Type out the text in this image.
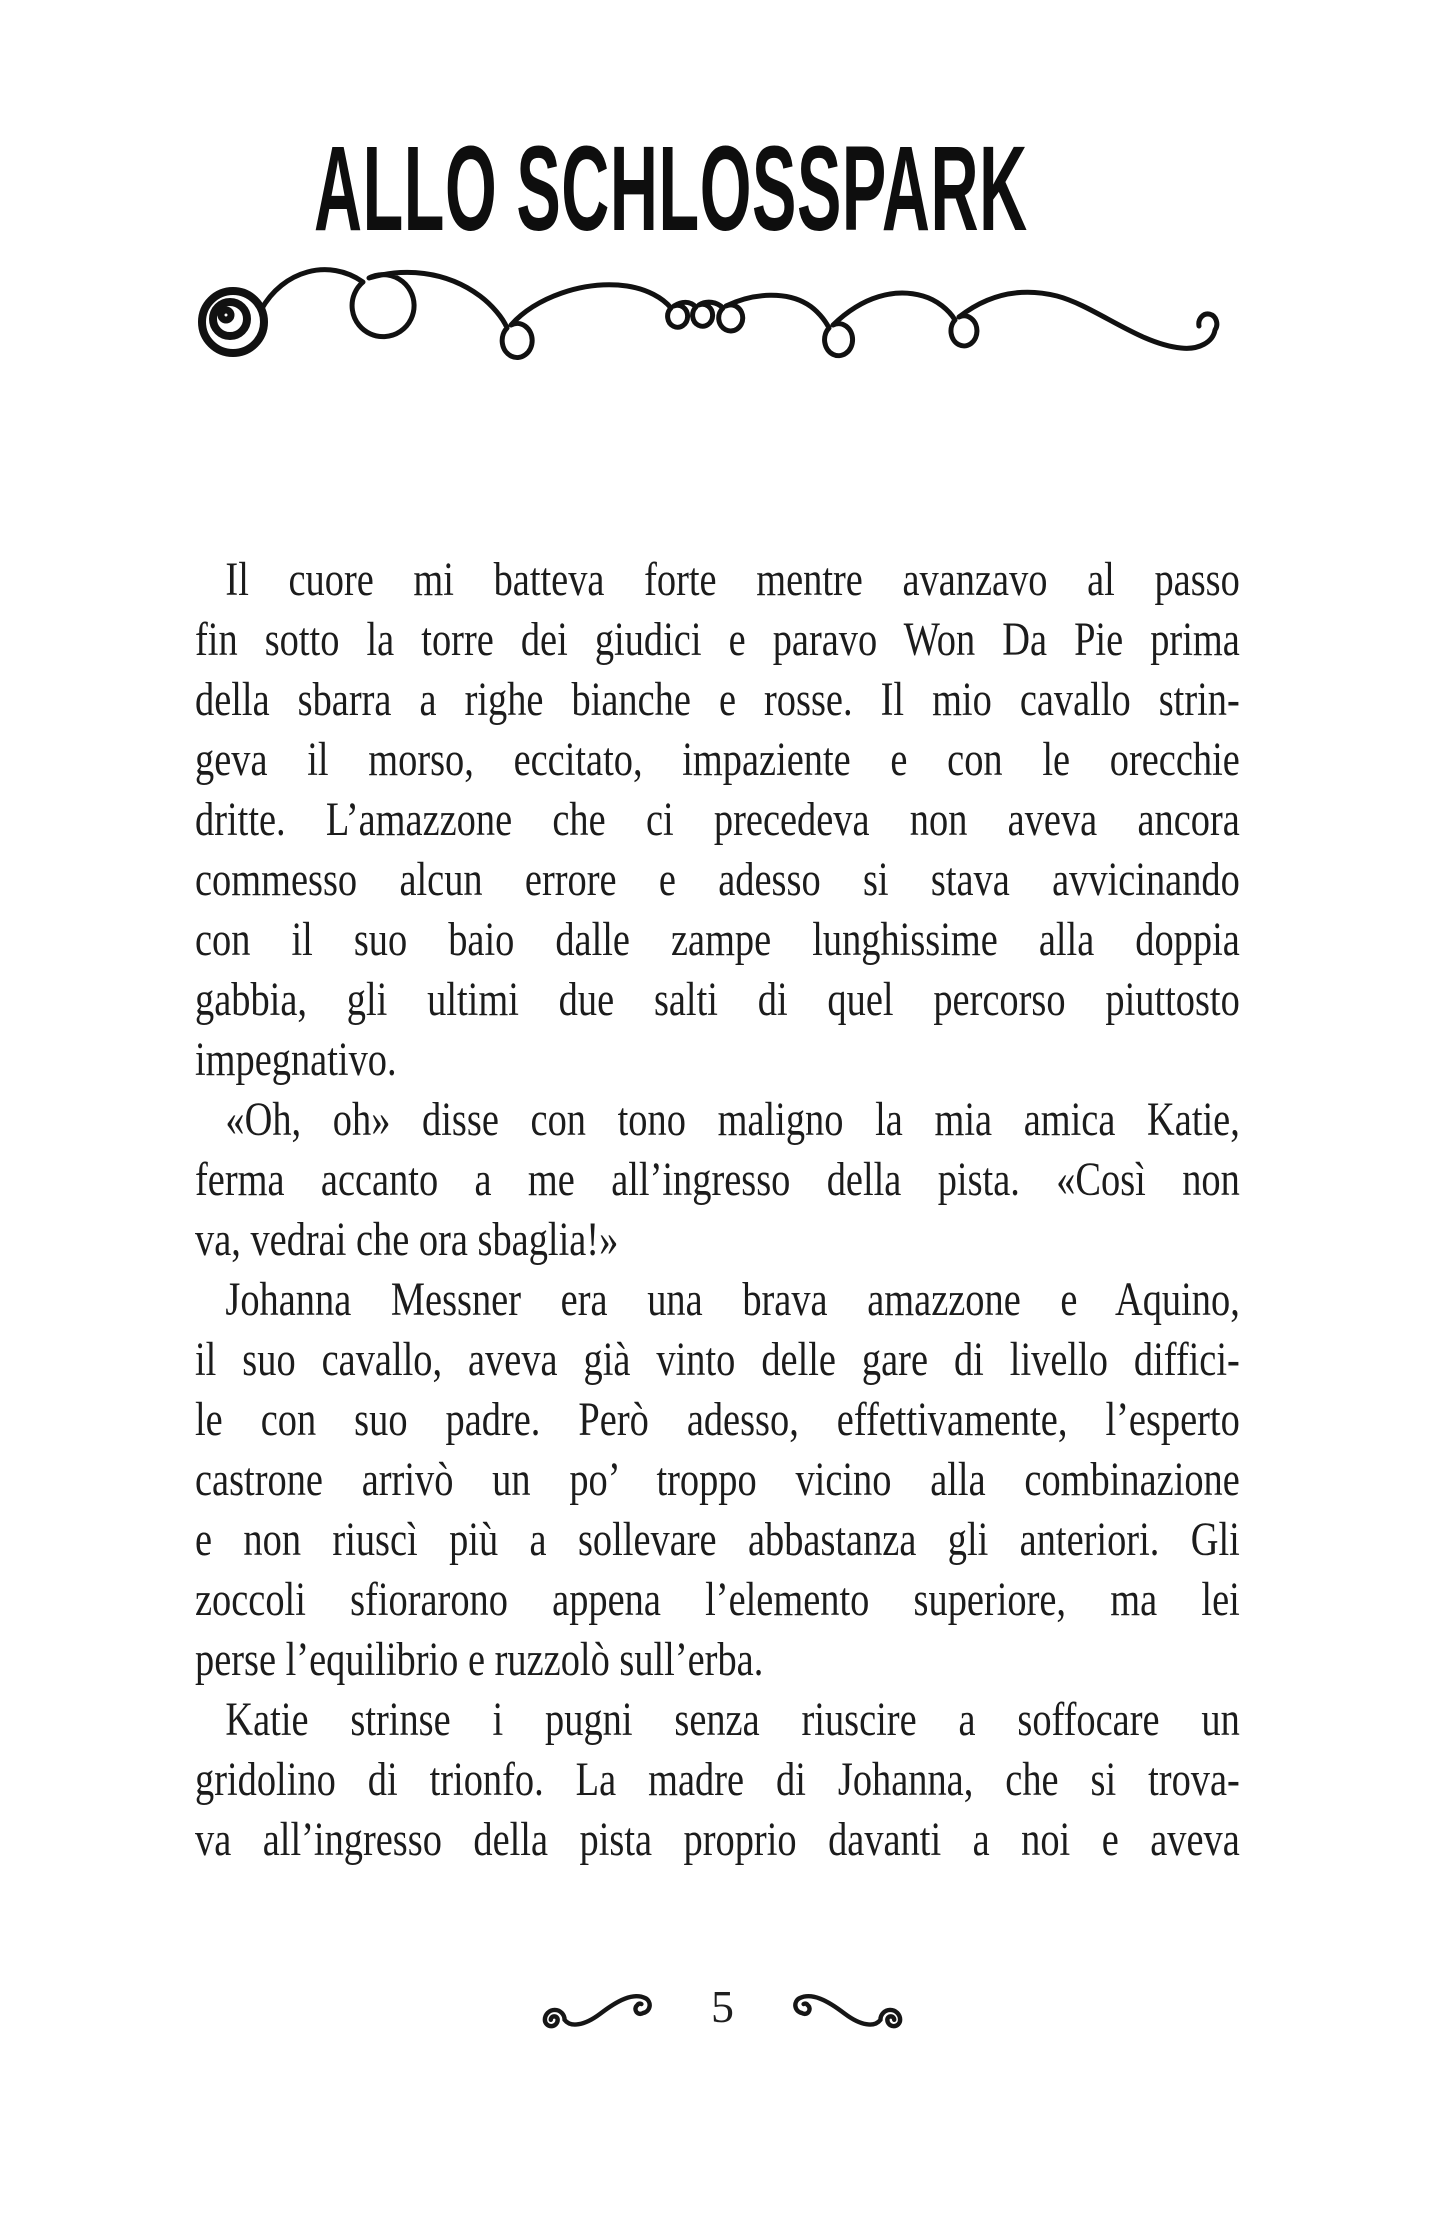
ALLO SCHLOSSPARK
Il cuore mi batteva forte mentre avanzavo al passo
fin sotto la torre dei giudici e paravo Won Da Pie prima
della sbarra a righe bianche e rosse. Il mio cavallo strin-
geva il morso, eccitato, impaziente e con le orecchie
dritte. L’amazzone che ci precedeva non aveva ancora
commesso alcun errore e adesso si stava avvicinando
con il suo baio dalle zampe lunghissime alla doppia
gabbia, gli ultimi due salti di quel percorso piuttosto
impegnativo.
«Oh, oh» disse con tono maligno la mia amica Katie,
ferma accanto a me all’ingresso della pista. «Così non
va, vedrai che ora sbaglia!»
Johanna Messner era una brava amazzone e Aquino,
il suo cavallo, aveva già vinto delle gare di livello diffici-
le con suo padre. Però adesso, effettivamente, l’esperto
castrone arrivò un po’ troppo vicino alla combinazione
e non riuscì più a sollevare abbastanza gli anteriori. Gli
zoccoli sfiorarono appena l’elemento superiore, ma lei
perse l’equilibrio e ruzzolò sull’erba.
Katie strinse i pugni senza riuscire a soffocare un
gridolino di trionfo. La madre di Johanna, che si trova-
va all’ingresso della pista proprio davanti a noi e aveva
5
